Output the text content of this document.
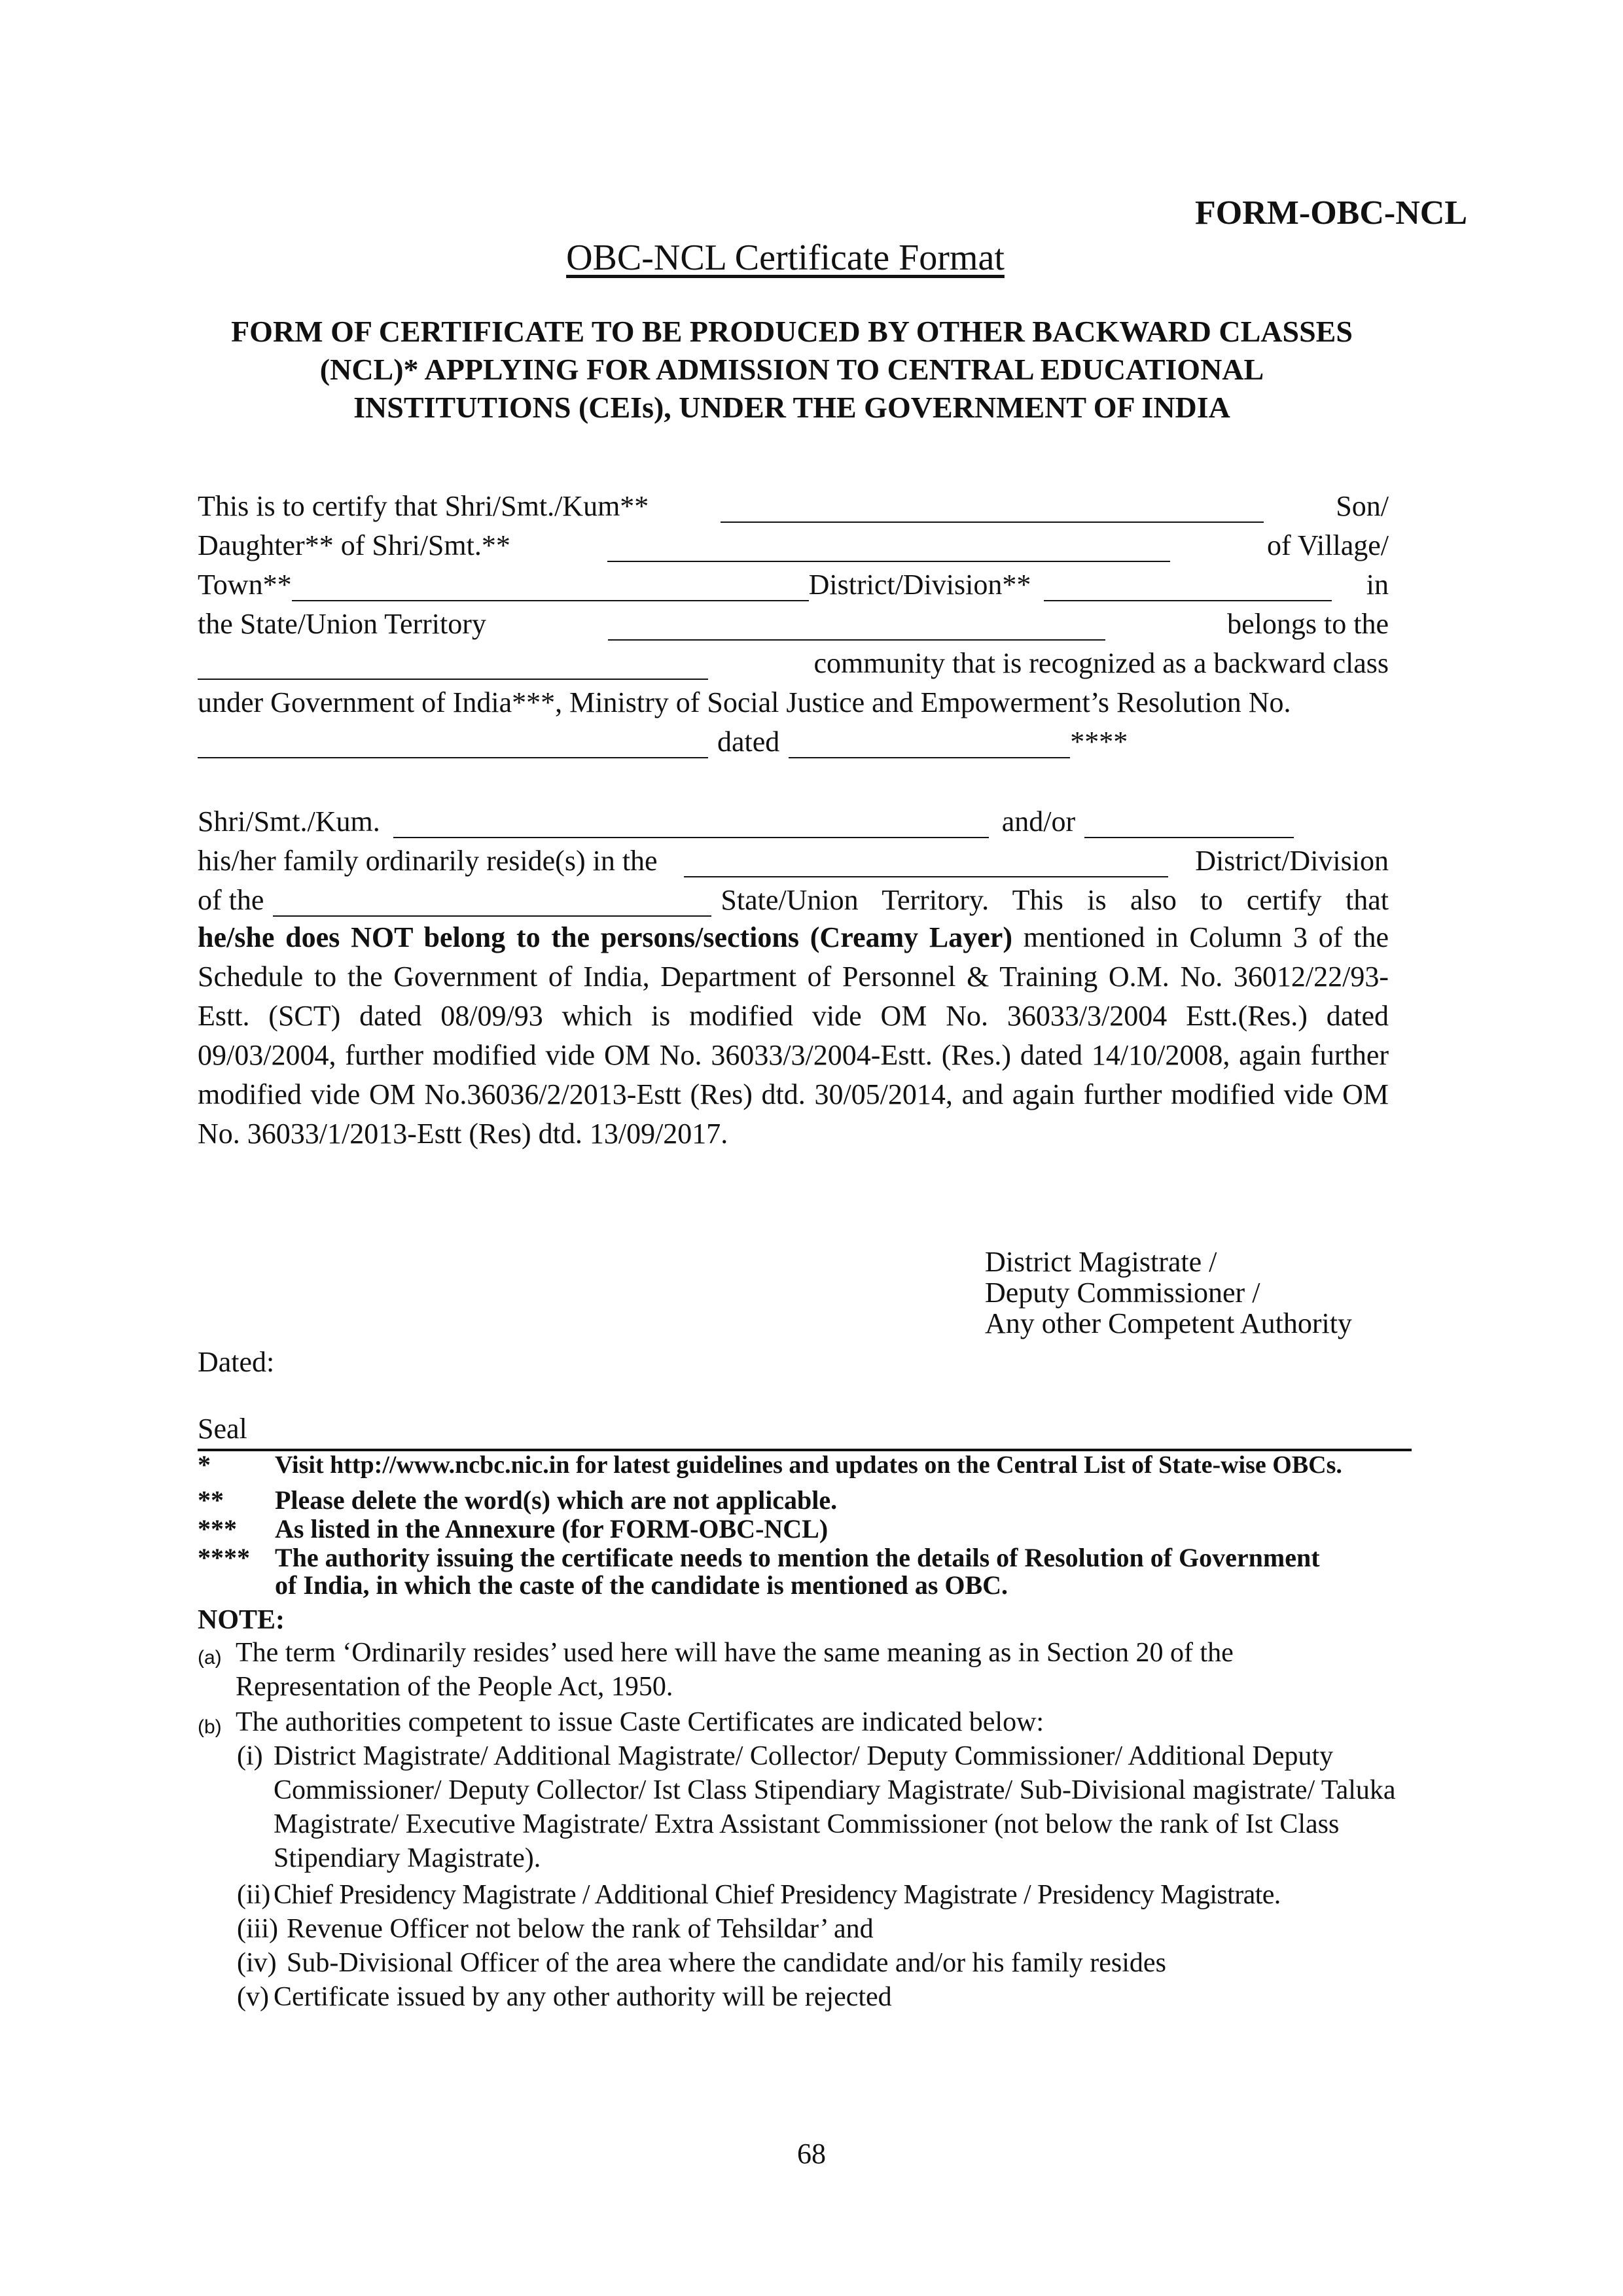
FORM-OBC-NCL
OBC-NCL Certificate Format
FORM OF CERTIFICATE TO BE PRODUCED BY OTHER BACKWARD CLASSES (NCL)* APPLYING FOR ADMISSION TO CENTRAL EDUCATIONAL INSTITUTIONS (CEIs), UNDER THE GOVERNMENT OF INDIA
This is to certify that Shri/Smt./Kum**	Son/
Daughter** of Shri/Smt.**	of Village/
Town**	District/Division**	in
the State/Union Territory	belongs to the
community that is recognized as a backward class
under Government of India***, Ministry of Social Justice and Empowerment’s Resolution No.
dated	****
Shri/Smt./Kum.	and/or
his/her family ordinarily reside(s) in the	District/Division
of the	State/Union Territory. This is also to certify that
he/she does NOT belong to the persons/sections (Creamy Layer) mentioned in Column 3 of the Schedule to the Government of India, Department of Personnel & Training O.M. No. 36012/22/93- Estt. (SCT) dated 08/09/93 which is modified vide OM No. 36033/3/2004 Estt.(Res.) dated 09/03/2004, further modified vide OM No. 36033/3/2004-Estt. (Res.) dated 14/10/2008, again further modified vide OM No.36036/2/2013-Estt (Res) dtd. 30/05/2014, and again further modified vide OM No. 36033/1/2013-Estt (Res) dtd. 13/09/2017.
District Magistrate /
Deputy Commissioner /
Any other Competent Authority
Dated:
Seal
*	Visit http://www.ncbc.nic.in for latest guidelines and updates on the Central List of State-wise OBCs.
** Please delete the word(s) which are not applicable.
*** As listed in the Annexure (for FORM-OBC-NCL)
**** The authority issuing the certificate needs to mention the details of Resolution of Government of India, in which the caste of the candidate is mentioned as OBC.
NOTE:
(a) The term ‘Ordinarily resides’ used here will have the same meaning as in Section 20 of the Representation of the People Act, 1950.
(b) The authorities competent to issue Caste Certificates are indicated below:
(i) District Magistrate/ Additional Magistrate/ Collector/ Deputy Commissioner/ Additional Deputy Commissioner/ Deputy Collector/ Ist Class Stipendiary Magistrate/ Sub-Divisional magistrate/ Taluka Magistrate/ Executive Magistrate/ Extra Assistant Commissioner (not below the rank of Ist Class Stipendiary Magistrate).
(ii) Chief Presidency Magistrate / Additional Chief Presidency Magistrate / Presidency Magistrate.
(iii) Revenue Officer not below the rank of Tehsildar’ and
(iv) Sub-Divisional Officer of the area where the candidate and/or his family resides
(v) Certificate issued by any other authority will be rejected
68
